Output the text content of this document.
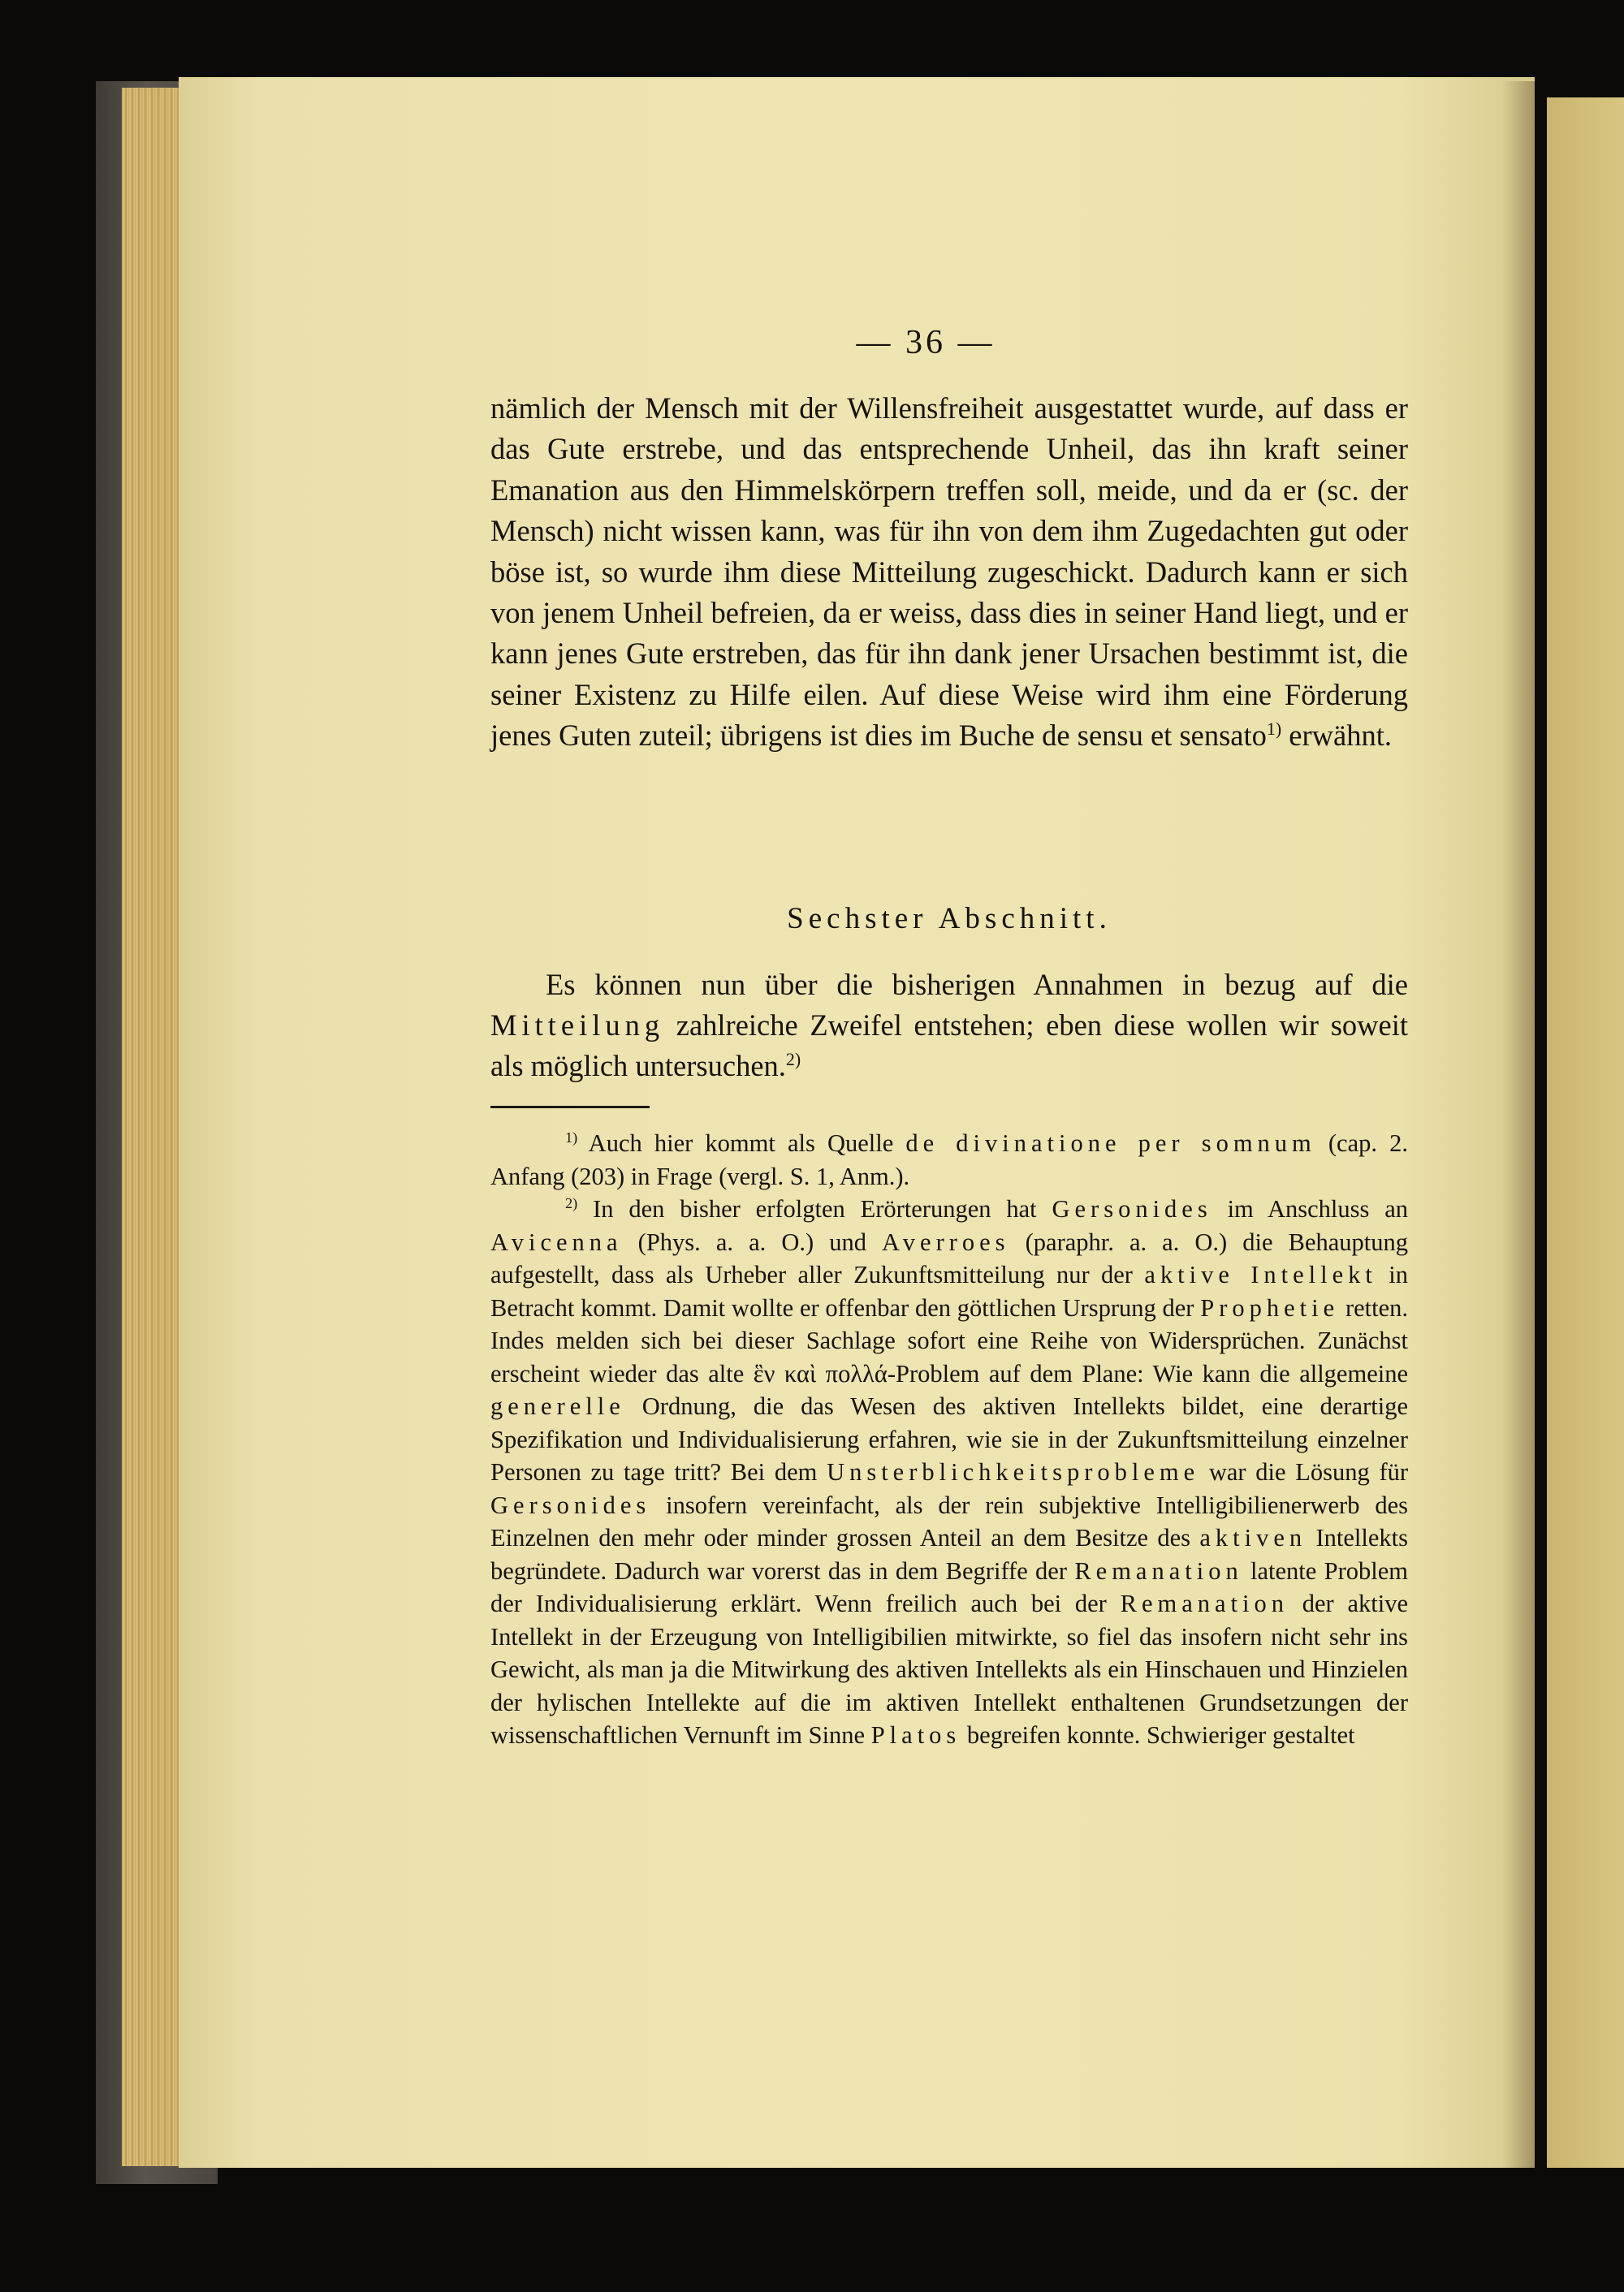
— 36 —
nämlich der Mensch mit der Willensfreiheit ausgestattet wurde, auf dass er das Gute erstrebe, und das entsprechende Unheil, das ihn kraft seiner Emanation aus den Himmelskörpern treffen soll, meide, und da er (sc. der Mensch) nicht wissen kann, was für ihn von dem ihm Zugedachten gut oder böse ist, so wurde ihm diese Mitteilung zugeschickt. Dadurch kann er sich von jenem Unheil befreien, da er weiss, dass dies in seiner Hand liegt, und er kann jenes Gute erstreben, das für ihn dank jener Ursachen bestimmt ist, die seiner Existenz zu Hilfe eilen. Auf diese Weise wird ihm eine Förderung jenes Guten zuteil; übrigens ist dies im Buche de sensu et sensato$^{1)}$ erwähnt.
Sechster Abschnitt.
Es können nun über die bisherigen Annahmen in bezug auf die Mitteilung zahlreiche Zweifel entstehen; eben diese wollen wir soweit als möglich untersuchen.$^{2)}$

$^{1)}$ Auch hier kommt als Quelle de divinatione per somnum (cap. 2. Anfang (203) in Frage (vergl. S. 1, Anm.).

$^{2)}$ In den bisher erfolgten Erörterungen hat Gersonides im Anschluss an Avicenna (Phys. a. a. O.) und Averroes (paraphr. a. a. O.) die Behauptung aufgestellt, dass als Urheber aller Zukunftsmitteilung nur der aktive Intellekt in Betracht kommt. Damit wollte er offenbar den göttlichen Ursprung der Prophetie retten. Indes melden sich bei dieser Sachlage sofort eine Reihe von Widersprüchen. Zunächst erscheint wieder das alte ἓν καὶ πολλά-Problem auf dem Plane: Wie kann die allgemeine generelle Ordnung, die das Wesen des aktiven Intellekts bildet, eine derartige Spezifikation und Individualisierung erfahren, wie sie in der Zukunftsmitteilung einzelner Personen zu tage tritt? Bei dem Unsterblichkeitsprobleme war die Lösung für Gersonides insofern vereinfacht, als der rein subjektive Intelligibilienerwerb des Einzelnen den mehr oder minder grossen Anteil an dem Besitze des aktiven Intellekts begründete. Dadurch war vorerst das in dem Begriffe der Remanation latente Problem der Individualisierung erklärt. Wenn freilich auch bei der Remanation der aktive Intellekt in der Erzeugung von Intelligibilien mitwirkte, so fiel das insofern nicht sehr ins Gewicht, als man ja die Mitwirkung des aktiven Intellekts als ein Hinschauen und Hinzielen der hylischen Intellekte auf die im aktiven Intellekt enthaltenen Grundsetzungen der wissenschaftlichen Vernunft im Sinne Platos begreifen konnte. Schwieriger gestaltet
